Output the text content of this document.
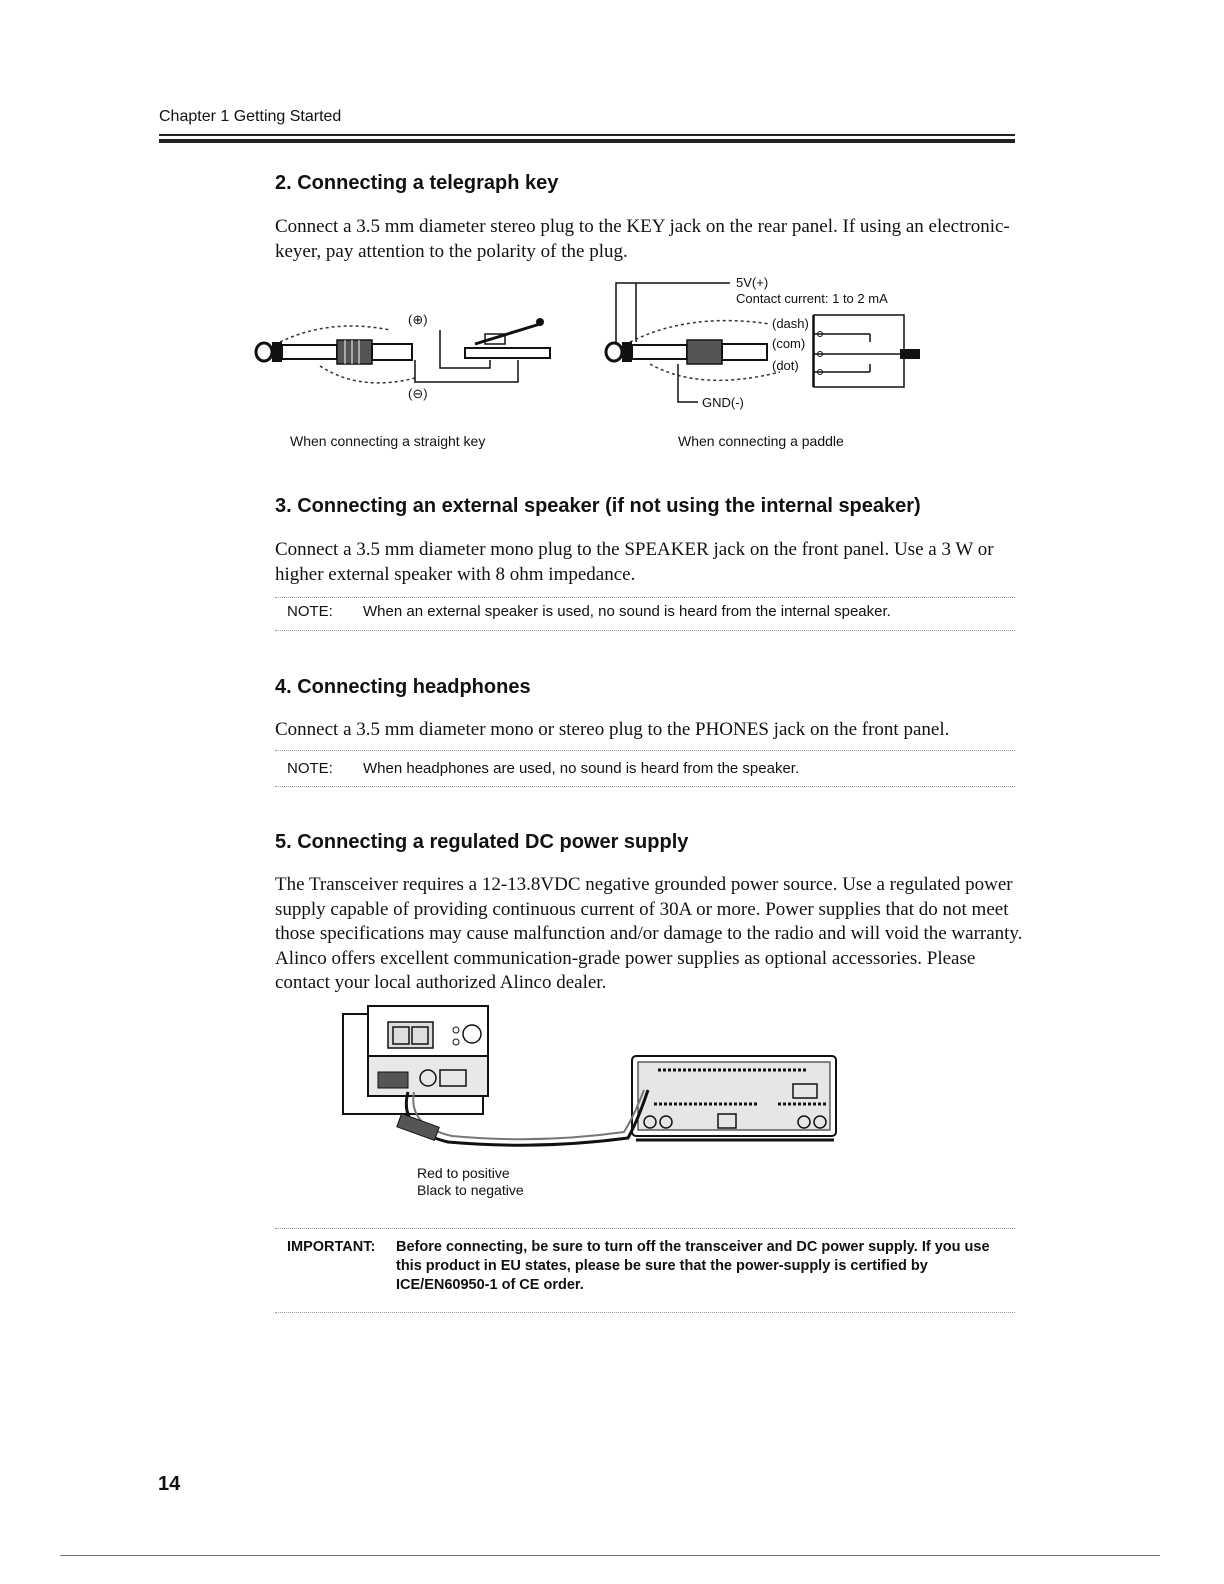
Chapter 1 Getting Started
2. Connecting a telegraph key

Connect a 3.5 mm diameter stereo plug to the KEY jack on the rear panel. If using an electronic-keyer, pay attention to the polarity of the plug.

(⊕)
(⊖)
When connecting a straight key
5V(+)
Contact current: 1 to 2 mA
(dash)
(com)
(dot)
GND(-)
When connecting a paddle
3. Connecting an external speaker (if not using the internal speaker)

Connect a 3.5 mm diameter mono plug to the SPEAKER jack on the front panel. Use a 3 W or higher external speaker with 8 ohm impedance.

NOTE: When an external speaker is used, no sound is heard from the internal speaker.
4. Connecting headphones

Connect a 3.5 mm diameter mono or stereo plug to the PHONES jack on the front panel.

NOTE: When headphones are used, no sound is heard from the speaker.
5. Connecting a regulated DC power supply

The Transceiver requires a 12-13.8VDC negative grounded power source. Use a regulated power supply capable of providing continuous current of 30A or more. Power supplies that do not meet those specifications may cause malfunction and/or damage to the radio and will void the warranty. Alinco offers excellent communication-grade power supplies as optional accessories. Please contact your local authorized Alinco dealer.

Red to positive
Black to negative
IMPORTANT: Before connecting, be sure to turn off the transceiver and DC power supply. If you use this product in EU states, please be sure that the power-supply is certified by ICE/EN60950-1 of CE order.
14
